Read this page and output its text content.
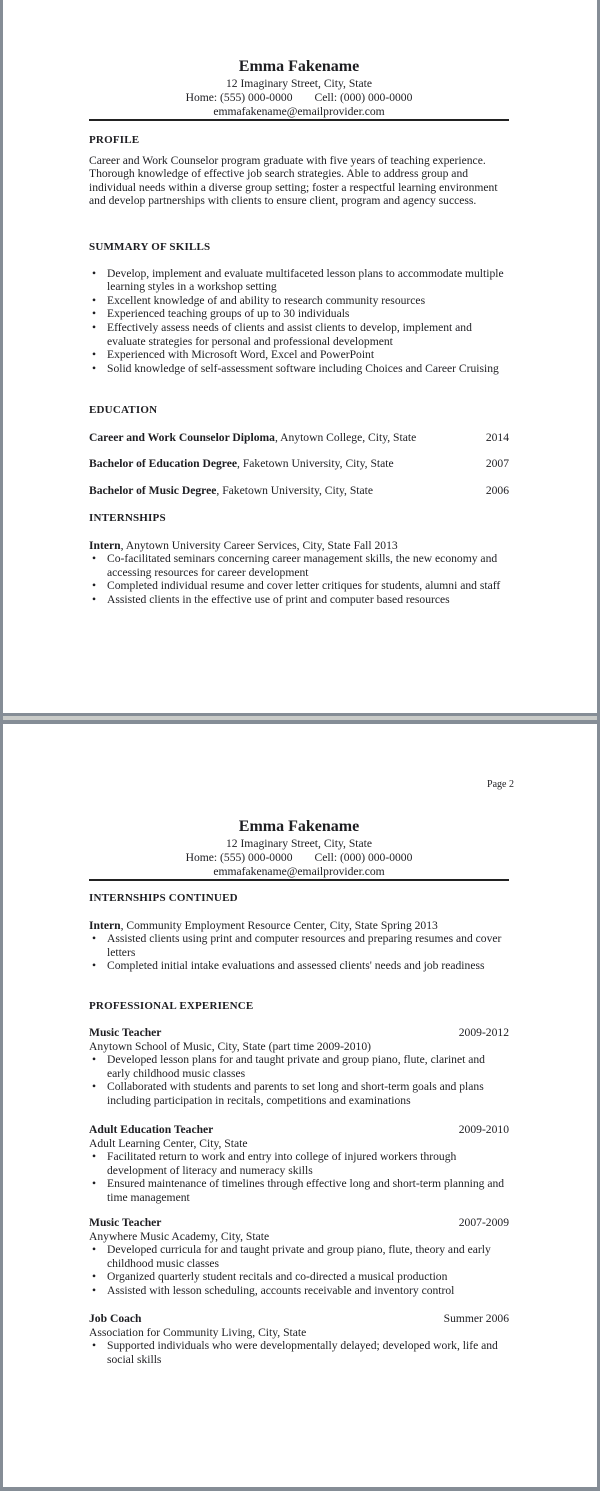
Emma Fakename
12 Imaginary Street, City, State
Home: (555) 000-0000 Cell: (000) 000-0000
emmafakename@emailprovider.com
PROFILE
Career and Work Counselor program graduate with five years of teaching experience. Thorough knowledge of effective job search strategies. Able to address group and individual needs within a diverse group setting; foster a respectful learning environment and develop partnerships with clients to ensure client, program and agency success.
SUMMARY OF SKILLS
• Develop, implement and evaluate multifaceted lesson plans to accommodate multiple learning styles in a workshop setting
• Excellent knowledge of and ability to research community resources
• Experienced teaching groups of up to 30 individuals
• Effectively assess needs of clients and assist clients to develop, implement and evaluate strategies for personal and professional development
• Experienced with Microsoft Word, Excel and PowerPoint
• Solid knowledge of self-assessment software including Choices and Career Cruising
EDUCATION
Career and Work Counselor Diploma, Anytown College, City, State	2014
Bachelor of Education Degree, Faketown University, City, State	2007
Bachelor of Music Degree, Faketown University, City, State	2006
INTERNSHIPS
Intern, Anytown University Career Services, City, State Fall 2013
• Co-facilitated seminars concerning career management skills, the new economy and accessing resources for career development
• Completed individual resume and cover letter critiques for students, alumni and staff
• Assisted clients in the effective use of print and computer based resources
Page 2
Emma Fakename
12 Imaginary Street, City, State
Home: (555) 000-0000 Cell: (000) 000-0000
emmafakename@emailprovider.com
INTERNSHIPS CONTINUED
Intern, Community Employment Resource Center, City, State Spring 2013
• Assisted clients using print and computer resources and preparing resumes and cover letters
• Completed initial intake evaluations and assessed clients' needs and job readiness
PROFESSIONAL EXPERIENCE
Music Teacher	2009-2012
Anytown School of Music, City, State (part time 2009-2010)
• Developed lesson plans for and taught private and group piano, flute, clarinet and early childhood music classes
• Collaborated with students and parents to set long and short-term goals and plans including participation in recitals, competitions and examinations
Adult Education Teacher	2009-2010
Adult Learning Center, City, State
• Facilitated return to work and entry into college of injured workers through development of literacy and numeracy skills
• Ensured maintenance of timelines through effective long and short-term planning and time management
Music Teacher	2007-2009
Anywhere Music Academy, City, State
• Developed curricula for and taught private and group piano, flute, theory and early childhood music classes
• Organized quarterly student recitals and co-directed a musical production
• Assisted with lesson scheduling, accounts receivable and inventory control
Job Coach	Summer 2006
Association for Community Living, City, State
• Supported individuals who were developmentally delayed; developed work, life and social skills
